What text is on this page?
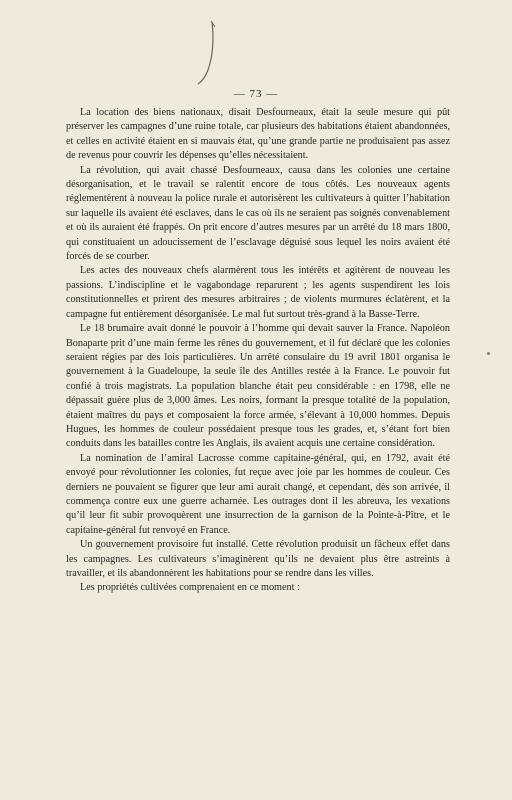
— 73 —

La location des biens nationaux, disait Desfourneaux, était la seule mesure qui pût préserver les campagnes d’une ruine totale, car plusieurs des habitations étaient abandonnées, et celles en activité étaient en si mauvais état, qu’une grande partie ne produisaient pas assez de revenus pour couvrir les dépenses qu’elles nécessitaient.

La révolution, qui avait chassé Desfourneaux, causa dans les colonies une certaine désorganisation, et le travail se ralentit encore de tous côtés. Les nouveaux agents réglementèrent à nouveau la police rurale et autorisèrent les cultivateurs à quitter l’habitation sur laquelle ils avaient été esclaves, dans le cas où ils ne seraient pas soignés convenablement et où ils auraient été frappés. On prit encore d’autres mesures par un arrêté du 18 mars 1800, qui constituaient un adoucissement de l’esclavage déguisé sous lequel les noirs avaient été forcés de se courber.

Les actes des nouveaux chefs alarmèrent tous les intérêts et agitèrent de nouveau les passions. L’indiscipline et le vagabondage reparurent ; les agents suspendirent les lois constitutionnelles et prirent des mesures arbitraires ; de violents murmures éclatèrent, et la campagne fut entièrement désorganisée. Le mal fut surtout très-grand à la Basse-Terre.

Le 18 brumaire avait donné le pouvoir à l’homme qui devait sauver la France. Napoléon Bonaparte prit d’une main ferme les rênes du gouvernement, et il fut déclaré que les colonies seraient régies par des lois particulières. Un arrêté consulaire du 19 avril 1801 organisa le gouvernement à la Guadeloupe, la seule île des Antilles restée à la France. Le pouvoir fut confié à trois magistrats. La population blanche était peu considérable : en 1798, elle ne dépassait guère plus de 3,000 âmes. Les noirs, formant la presque totalité de la population, étaient maîtres du pays et composaient la force armée, s’élevant à 10,000 hommes. Depuis Hugues, les hommes de couleur possédaient presque tous les grades, et, s’étant fort bien conduits dans les batailles contre les Anglais, ils avaient acquis une certaine considération.

La nomination de l’amiral Lacrosse comme capitaine-général, qui, en 1792, avait été envoyé pour révolutionner les colonies, fut reçue avec joie par les hommes de couleur. Ces derniers ne pouvaient se figurer que leur ami aurait changé, et cependant, dès son arrivée, il commença contre eux une guerre acharnée. Les outrages dont il les abreuva, les vexations qu’il leur fit subir provoquèrent une insurrection de la garnison de la Pointe-à-Pître, et le capitaine-général fut renvoyé en France.

Un gouvernement provisoire fut installé. Cette révolution produisit un fâcheux effet dans les campagnes. Les cultivateurs s’imaginèrent qu’ils ne devaient plus être astreints à travailler, et ils abandonnèrent les habitations pour se rendre dans les villes.

Les propriétés cultivées comprenaient en ce moment :
